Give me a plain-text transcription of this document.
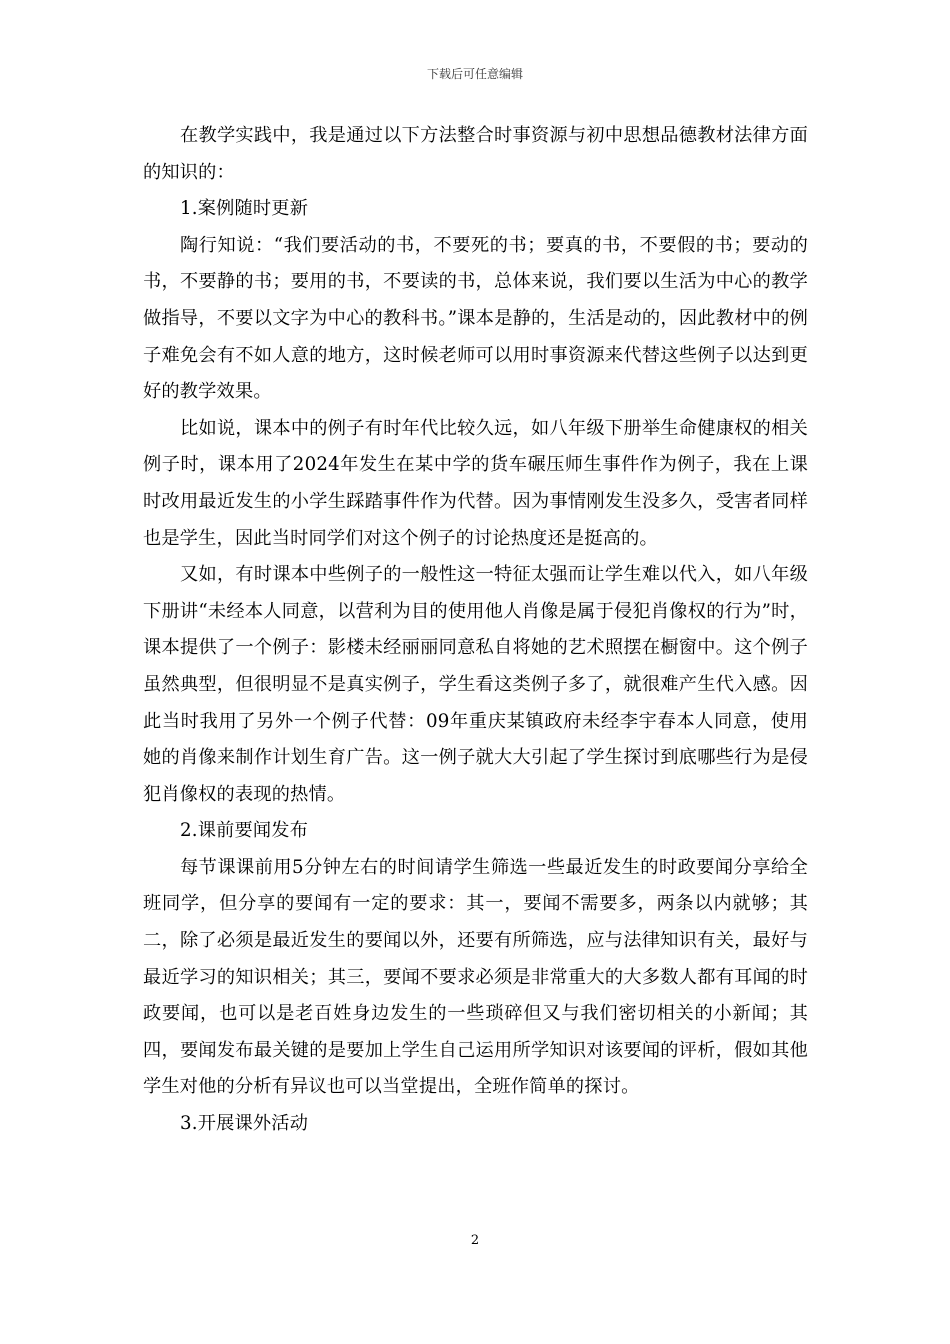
下载后可任意编辑

在教学实践中，我是通过以下方法整合时事资源与初中思想品德教材法律方面的知识的：

1.案例随时更新

陶行知说：“我们要活动的书，不要死的书；要真的书，不要假的书；要动的书，不要静的书；要用的书，不要读的书，总体来说，我们要以生活为中心的教学做指导，不要以文字为中心的教科书。”课本是静的，生活是动的，因此教材中的例子难免会有不如人意的地方，这时候老师可以用时事资源来代替这些例子以达到更好的教学效果。

比如说，课本中的例子有时年代比较久远，如八年级下册举生命健康权的相关例子时，课本用了2024年发生在某中学的货车碾压师生事件作为例子，我在上课时改用最近发生的小学生踩踏事件作为代替。因为事情刚发生没多久，受害者同样也是学生，因此当时同学们对这个例子的讨论热度还是挺高的。

又如，有时课本中些例子的一般性这一特征太强而让学生难以代入，如八年级下册讲“未经本人同意，以营利为目的使用他人肖像是属于侵犯肖像权的行为”时，课本提供了一个例子：影楼未经丽丽同意私自将她的艺术照摆在橱窗中。这个例子虽然典型，但很明显不是真实例子，学生看这类例子多了，就很难产生代入感。因此当时我用了另外一个例子代替：09年重庆某镇政府未经李宇春本人同意，使用她的肖像来制作计划生育广告。这一例子就大大引起了学生探讨到底哪些行为是侵犯肖像权的表现的热情。

2.课前要闻发布

每节课课前用5分钟左右的时间请学生筛选一些最近发生的时政要闻分享给全班同学，但分享的要闻有一定的要求：其一，要闻不需要多，两条以内就够；其二，除了必须是最近发生的要闻以外，还要有所筛选，应与法律知识有关，最好与最近学习的知识相关；其三，要闻不要求必须是非常重大的大多数人都有耳闻的时政要闻，也可以是老百姓身边发生的一些琐碎但又与我们密切相关的小新闻；其四，要闻发布最关键的是要加上学生自己运用所学知识对该要闻的评析，假如其他学生对他的分析有异议也可以当堂提出，全班作简单的探讨。

3.开展课外活动

2
